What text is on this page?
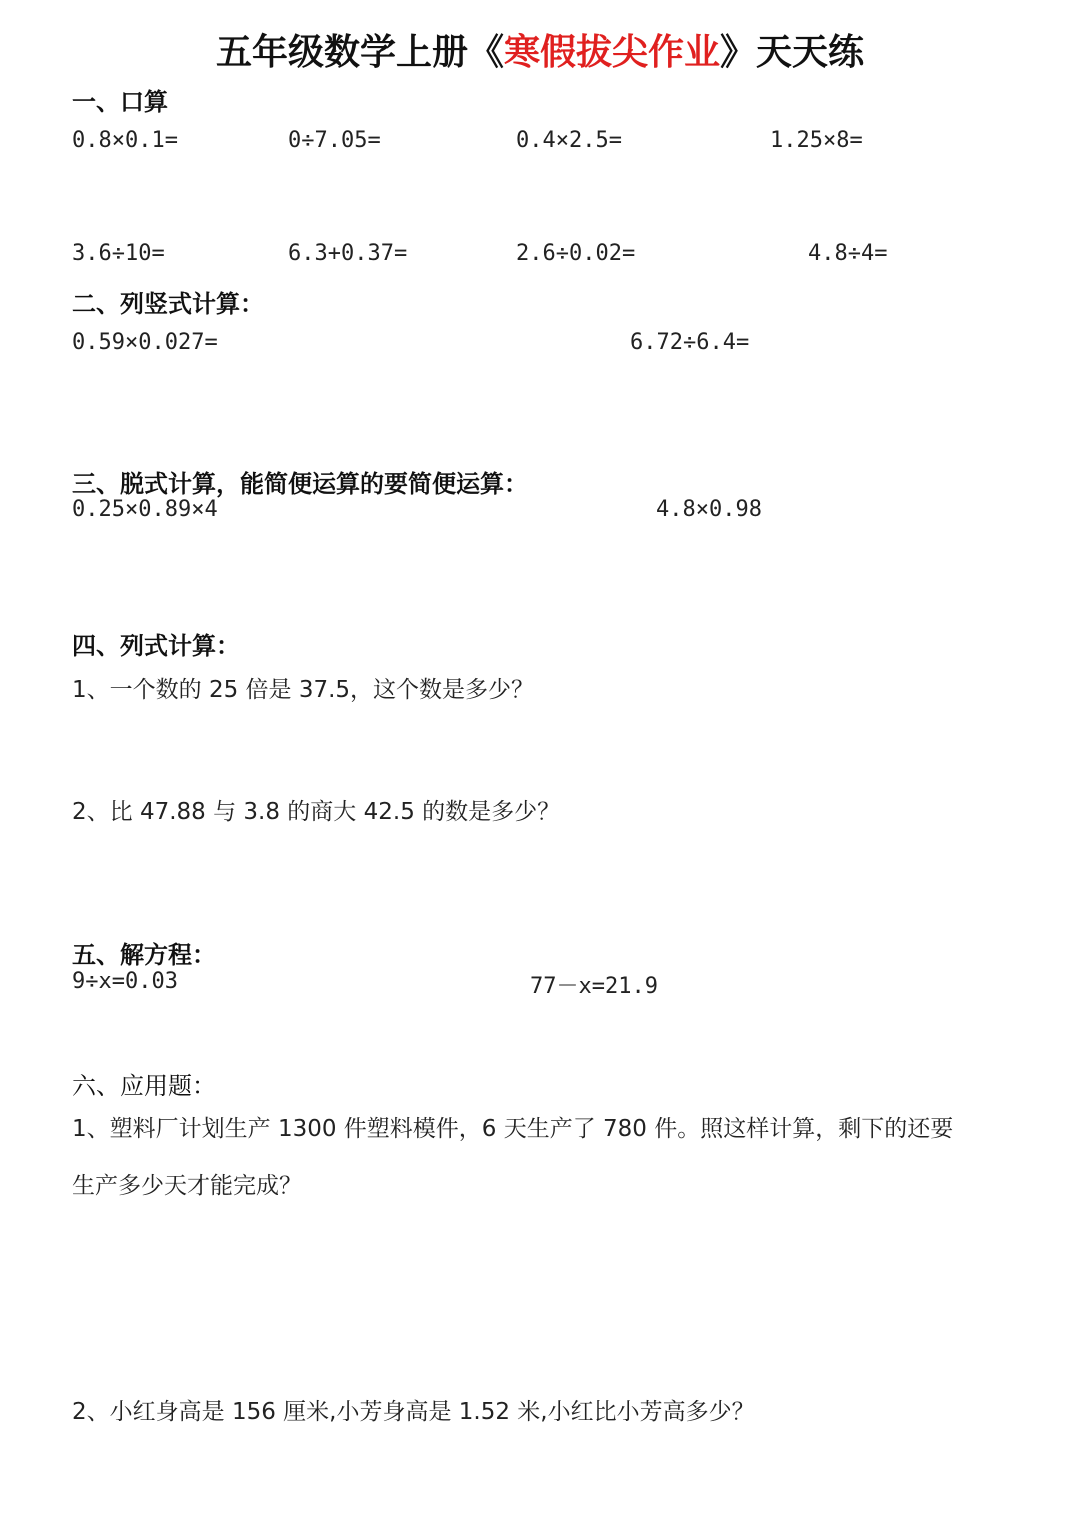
五年级数学上册《寒假拔尖作业》天天练
一、口算
0.8×0.1=	0÷7.05=	0.4×2.5=	1.25×8=
3.6÷10=	6.3+0.37=	2.6÷0.02=	4.8÷4=
二、列竖式计算：
0.59×0.027=	6.72÷6.4=
三、脱式计算，能简便运算的要简便运算：
0.25×0.89×4	4.8×0.98
四、列式计算：
1、一个数的 25 倍是 37.5，这个数是多少？
2、比 47.88 与 3.8 的商大 42.5 的数是多少？
五、解方程：
9÷x=0.03	77－x=21.9
六、应用题：
1、塑料厂计划生产 1300 件塑料模件，6 天生产了 780 件。照这样计算，剩下的还要
生产多少天才能完成？
2、小红身高是 156 厘米,小芳身高是 1.52 米,小红比小芳高多少？
